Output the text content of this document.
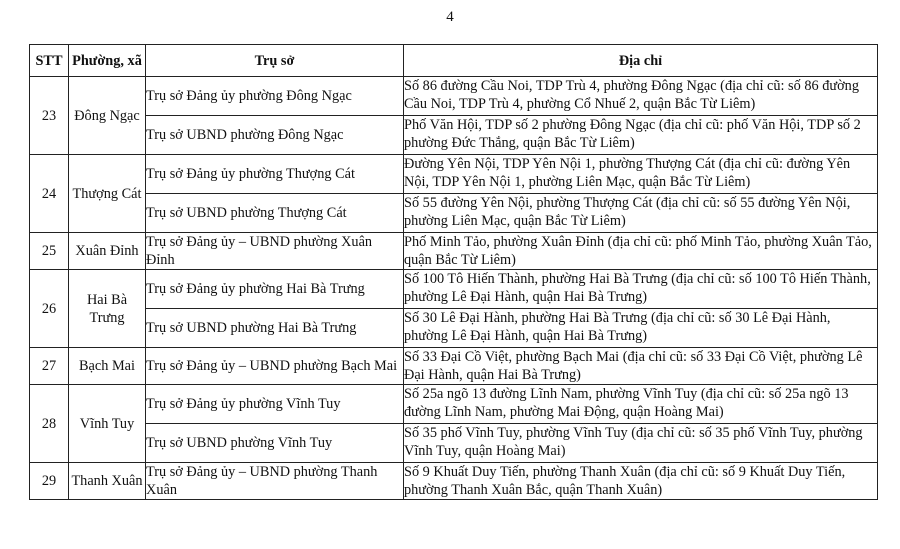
4
STT	Phường, xã	Trụ sở	Địa chỉ
23	Đông Ngạc	Trụ sở Đảng ủy phường Đông Ngạc	Số 86 đường Cầu Noi, TDP Trù 4, phường Đông Ngạc (địa chỉ cũ: số 86 đường Cầu Noi, TDP Trù 4, phường Cổ Nhuế 2, quận Bắc Từ Liêm)
		Trụ sở UBND phường Đông Ngạc	Phố Văn Hội, TDP số 2 phường Đông Ngạc (địa chỉ cũ: phố Văn Hội, TDP số 2 phường Đức Thắng, quận Bắc Từ Liêm)
24	Thượng Cát	Trụ sở Đảng ủy phường Thượng Cát	Đường Yên Nội, TDP Yên Nội 1, phường Thượng Cát (địa chỉ cũ: đường Yên Nội, TDP Yên Nội 1, phường Liên Mạc, quận Bắc Từ Liêm)
		Trụ sở UBND phường Thượng Cát	Số 55 đường Yên Nội, phường Thượng Cát (địa chỉ cũ: số 55 đường Yên Nội, phường Liên Mạc, quận Bắc Từ Liêm)
25	Xuân Đỉnh	Trụ sở Đảng ủy – UBND phường Xuân Đỉnh	Phố Minh Tảo, phường Xuân Đỉnh (địa chỉ cũ: phố Minh Tảo, phường Xuân Tảo, quận Bắc Từ Liêm)
26	Hai Bà Trưng	Trụ sở Đảng ủy phường Hai Bà Trưng	Số 100 Tô Hiến Thành, phường Hai Bà Trưng (địa chỉ cũ: số 100 Tô Hiến Thành, phường Lê Đại Hành, quận Hai Bà Trưng)
		Trụ sở UBND phường Hai Bà Trưng	Số 30 Lê Đại Hành, phường Hai Bà Trưng (địa chỉ cũ: số 30 Lê Đại Hành, phường Lê Đại Hành, quận Hai Bà Trưng)
27	Bạch Mai	Trụ sở Đảng ủy – UBND phường Bạch Mai	Số 33 Đại Cồ Việt, phường Bạch Mai (địa chỉ cũ: số 33 Đại Cồ Việt, phường Lê Đại Hành, quận Hai Bà Trưng)
28	Vĩnh Tuy	Trụ sở Đảng ủy phường Vĩnh Tuy	Số 25a ngõ 13 đường Lĩnh Nam, phường Vĩnh Tuy (địa chỉ cũ: số 25a ngõ 13 đường Lĩnh Nam, phường Mai Động, quận Hoàng Mai)
		Trụ sở UBND phường Vĩnh Tuy	Số 35 phố Vĩnh Tuy, phường Vĩnh Tuy (địa chỉ cũ: số 35 phố Vĩnh Tuy, phường Vĩnh Tuy, quận Hoàng Mai)
29	Thanh Xuân	Trụ sở Đảng ủy – UBND phường Thanh Xuân	Số 9 Khuất Duy Tiến, phường Thanh Xuân (địa chỉ cũ: số 9 Khuất Duy Tiến, phường Thanh Xuân Bắc, quận Thanh Xuân)
